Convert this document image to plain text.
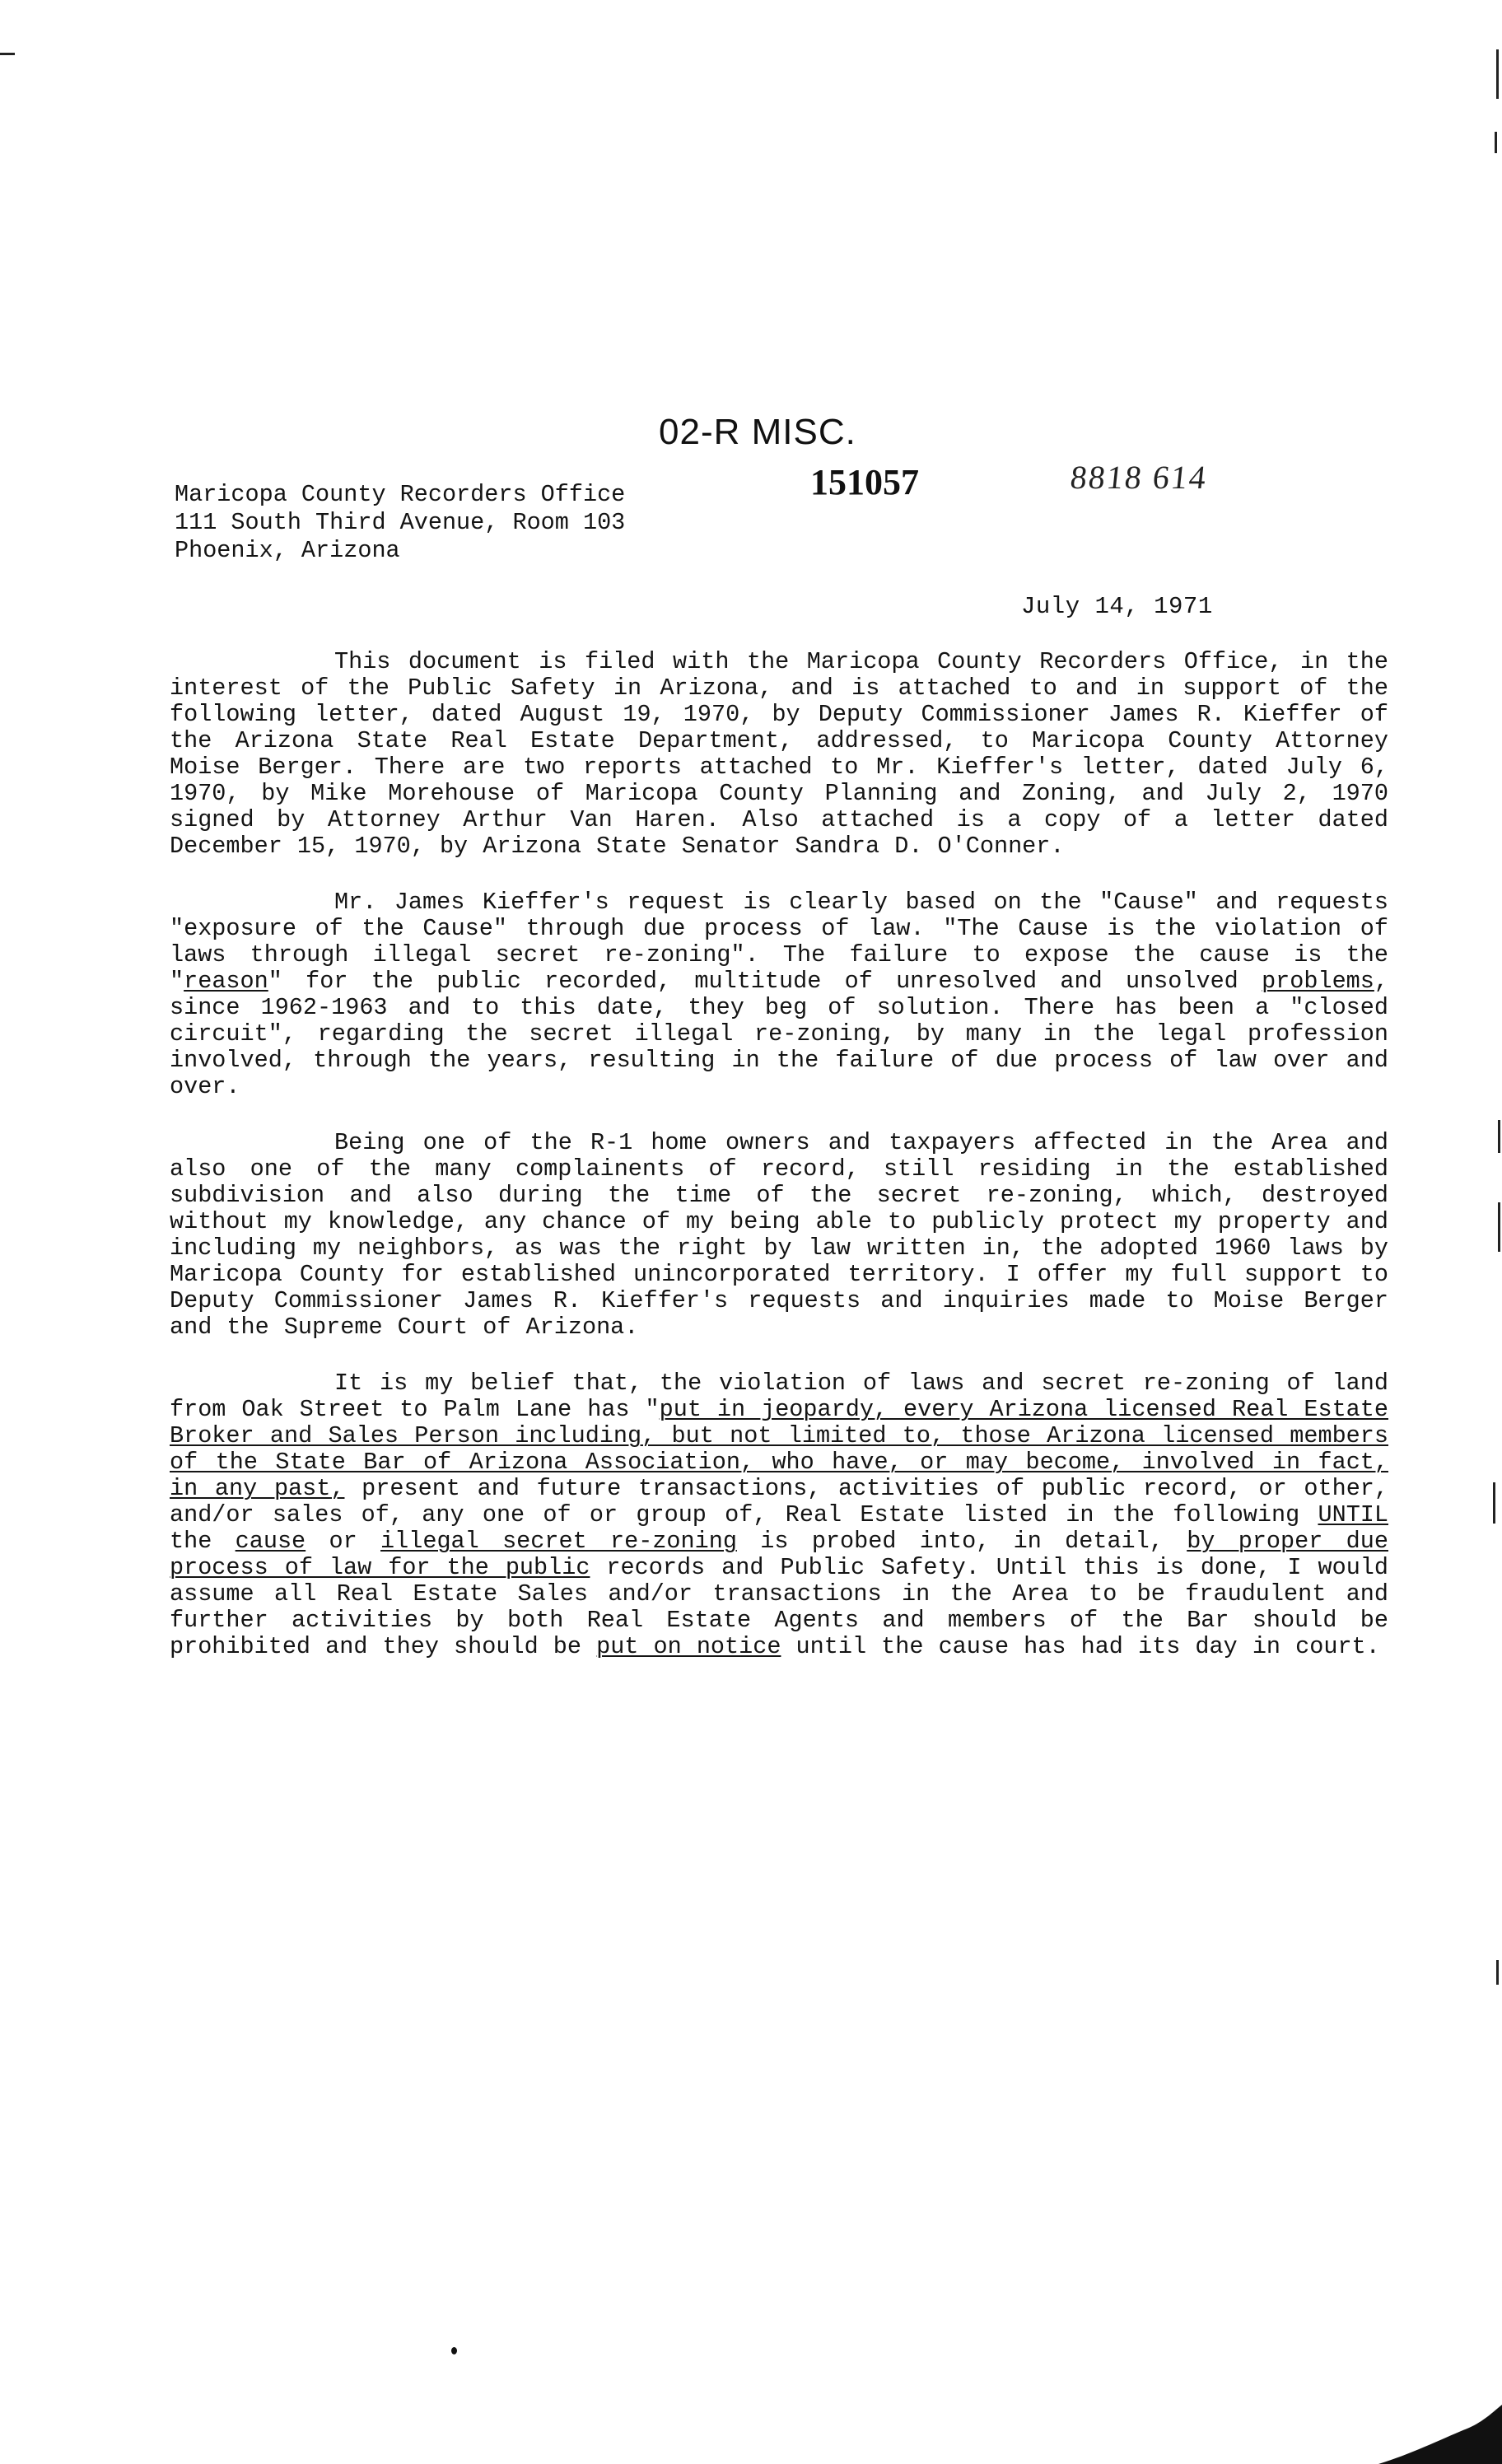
02-R MISC.
151057	8818 614
Maricopa County Recorders Office
111 South Third Avenue, Room 103
Phoenix, Arizona
July 14, 1971

This document is filed with the Maricopa County Recorders Office, in the interest of the Public Safety in Arizona, and is attached to and in support of the following letter, dated August 19, 1970, by Deputy Commissioner James R. Kieffer of the Arizona State Real Estate Department, addressed, to Maricopa County Attorney Moise Berger. There are two reports attached to Mr. Kieffer's letter, dated July 6, 1970, by Mike Morehouse of Maricopa County Planning and Zoning, and July 2, 1970 signed by Attorney Arthur Van Haren. Also attached is a copy of a letter dated December 15, 1970, by Arizona State Senator Sandra D. O'Conner.

Mr. James Kieffer's request is clearly based on the "Cause" and requests "exposure of the Cause" through due process of law. "The Cause is the violation of laws through illegal secret re-zoning". The failure to expose the cause is the "reason" for the public recorded, multitude of unresolved and unsolved problems, since 1962-1963 and to this date, they beg of solution. There has been a "closed circuit", regarding the secret illegal re-zoning, by many in the legal profession involved, through the years, resulting in the failure of due process of law over and over.

Being one of the R-1 home owners and taxpayers affected in the Area and also one of the many complainents of record, still residing in the established subdivision and also during the time of the secret re-zoning, which, destroyed without my knowledge, any chance of my being able to publicly protect my property and including my neighbors, as was the right by law written in, the adopted 1960 laws by Maricopa County for established unincorporated territory. I offer my full support to Deputy Commissioner James R. Kieffer's requests and inquiries made to Moise Berger and the Supreme Court of Arizona.

It is my belief that, the violation of laws and secret re-zoning of land from Oak Street to Palm Lane has "put in jeopardy, every Arizona licensed Real Estate Broker and Sales Person including, but not limited to, those Arizona licensed members of the State Bar of Arizona Association, who have, or may become, involved in fact, in any past, present and future transactions, activities of public record, or other, and/or sales of, any one of or group of, Real Estate listed in the following UNTIL the cause or illegal secret re-zoning is probed into, in detail, by proper due process of law for the public records and Public Safety. Until this is done, I would assume all Real Estate Sales and/or transactions in the Area to be fraudulent and further activities by both Real Estate Agents and members of the Bar should be prohibited and they should be put on notice until the cause has had its day in court.
